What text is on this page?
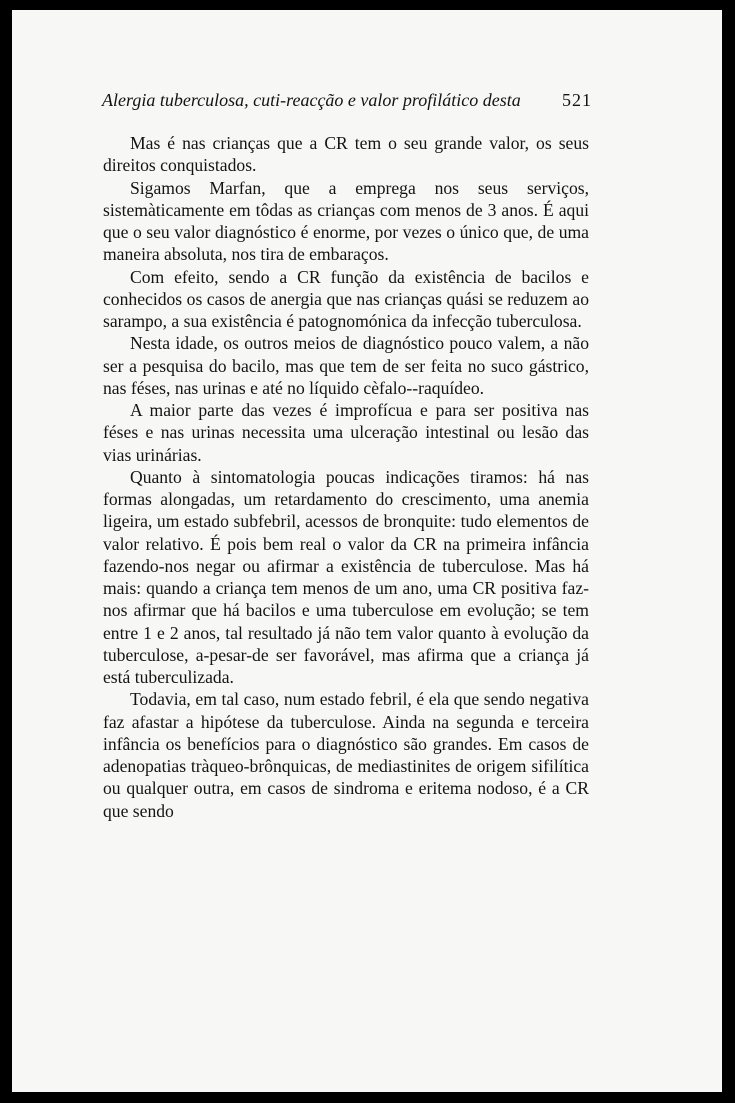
Alergia tuberculosa, cuti-reacção e valor profilático desta 521

Mas é nas crianças que a CR tem o seu grande valor, os seus direitos conquistados.

Sigamos Marfan, que a emprega nos seus serviços, sistemàticamente em tôdas as crianças com menos de 3 anos. É aqui que o seu valor diagnóstico é enorme, por vezes o único que, de uma maneira absoluta, nos tira de embaraços.

Com efeito, sendo a CR função da existência de bacilos e conhecidos os casos de anergia que nas crianças quási se reduzem ao sarampo, a sua existência é patognomónica da infecção tuberculosa.

Nesta idade, os outros meios de diagnóstico pouco valem, a não ser a pesquisa do bacilo, mas que tem de ser feita no suco gástrico, nas féses, nas urinas e até no líquido cèfalo--raquídeo.

A maior parte das vezes é improfícua e para ser positiva nas féses e nas urinas necessita uma ulceração intestinal ou lesão das vias urinárias.

Quanto à sintomatologia poucas indicações tiramos: há nas formas alongadas, um retardamento do crescimento, uma anemia ligeira, um estado subfebril, acessos de bronquite: tudo elementos de valor relativo. É pois bem real o valor da CR na primeira infância fazendo-nos negar ou afirmar a existência de tuberculose. Mas há mais: quando a criança tem menos de um ano, uma CR positiva faz-nos afirmar que há bacilos e uma tuberculose em evolução; se tem entre 1 e 2 anos, tal resultado já não tem valor quanto à evolução da tuberculose, a-pesar-de ser favorável, mas afirma que a criança já está tuberculizada.

Todavia, em tal caso, num estado febril, é ela que sendo negativa faz afastar a hipótese da tuberculose. Ainda na segunda e terceira infância os benefícios para o diagnóstico são grandes. Em casos de adenopatias tràqueo-brônquicas, de mediastinites de origem sifilítica ou qualquer outra, em casos de sindroma e eritema nodoso, é a CR que sendo
